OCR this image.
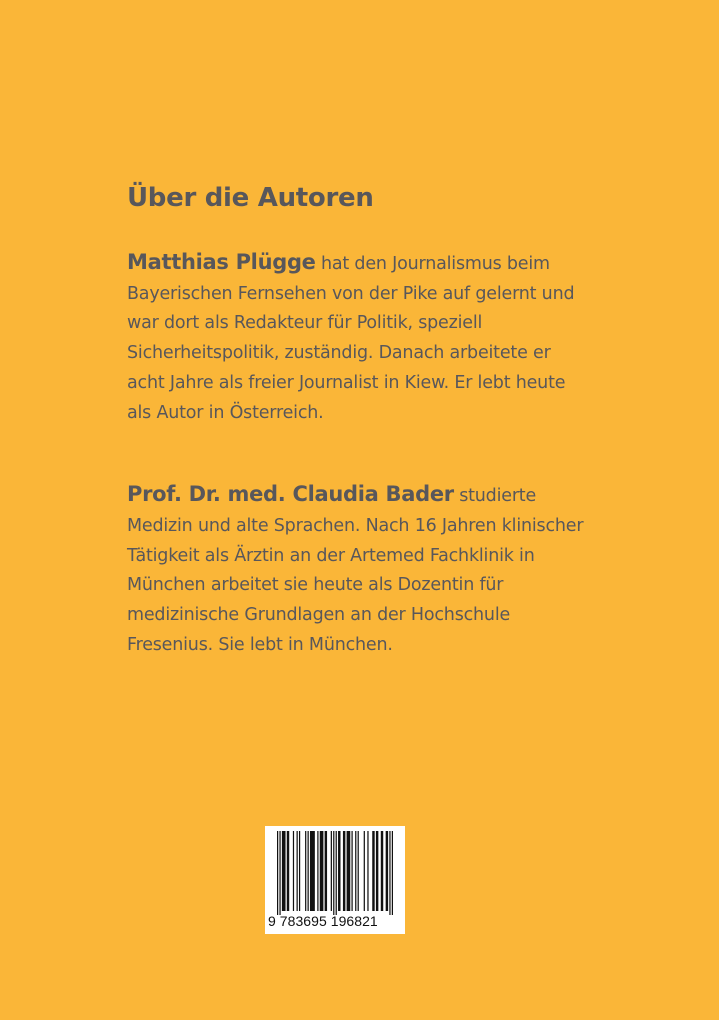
Über die Autoren

Matthias Plügge hat den Journalismus beim Bayerischen Fernsehen von der Pike auf gelernt und war dort als Redakteur für Politik, speziell Sicherheitspolitik, zuständig. Danach arbeitete er acht Jahre als freier Journalist in Kiew. Er lebt heute als Autor in Österreich.

Prof. Dr. med. Claudia Bader studierte Medizin und alte Sprachen. Nach 16 Jahren klinischer Tätigkeit als Ärztin an der Artemed Fachklinik in München arbeitet sie heute als Dozentin für medizinische Grundlagen an der Hochschule Fresenius. Sie lebt in München.

9 783695 196821
